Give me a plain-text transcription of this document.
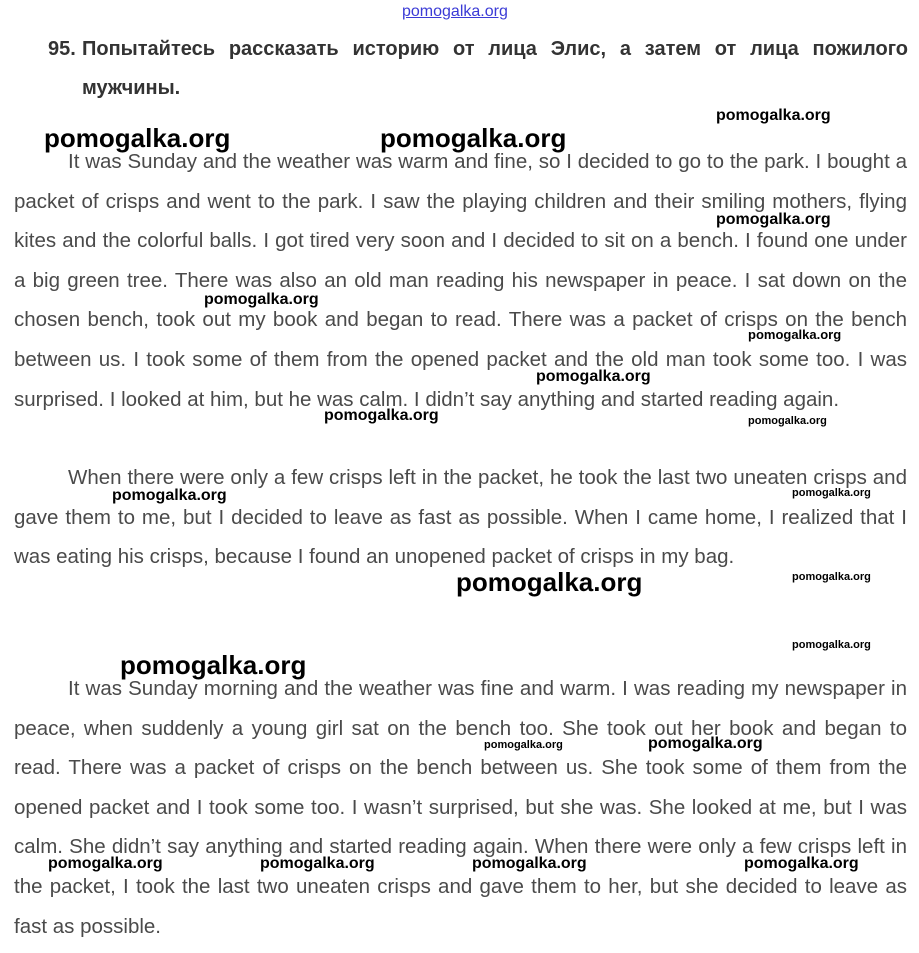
95. Попытайтесь рассказать историю от лица Элис, а затем от лица пожилого мужчины.

It was Sunday and the weather was warm and fine, so I decided to go to the park. I bought a packet of crisps and went to the park. I saw the playing children and their smiling mothers, flying kites and the colorful balls. I got tired very soon and I decided to sit on a bench. I found one under a big green tree. There was also an old man reading his newspaper in peace. I sat down on the chosen bench, took out my book and began to read. There was a packet of crisps on the bench between us. I took some of them from the opened packet and the old man took some too. I was surprised. I looked at him, but he was calm. I didn’t say anything and started reading again.

When there were only a few crisps left in the packet, he took the last two uneaten crisps and gave them to me, but I decided to leave as fast as possible. When I came home, I realized that I was eating his crisps, because I found an unopened packet of crisps in my bag.

It was Sunday morning and the weather was fine and warm. I was reading my newspaper in peace, when suddenly a young girl sat on the bench too. She took out her book and began to read. There was a packet of crisps on the bench between us. She took some of them from the opened packet and I took some too. I wasn’t surprised, but she was. She looked at me, but I was calm. She didn’t say anything and started reading again. When there were only a few crisps left in the packet, I took the last two uneaten crisps and gave them to her, but she decided to leave as fast as possible.

pomogalka.org
pomogalka.org	pomogalka.org
pomogalka.org
pomogalka.org
pomogalka.org
pomogalka.org
pomogalka.org
pomogalka.org	pomogalka.org
pomogalka.org	pomogalka.org
pomogalka.org	pomogalka.org
pomogalka.org
pomogalka.org
pomogalka.org	pomogalka.org
pomogalka.org	pomogalka.org	pomogalka.org	pomogalka.org
